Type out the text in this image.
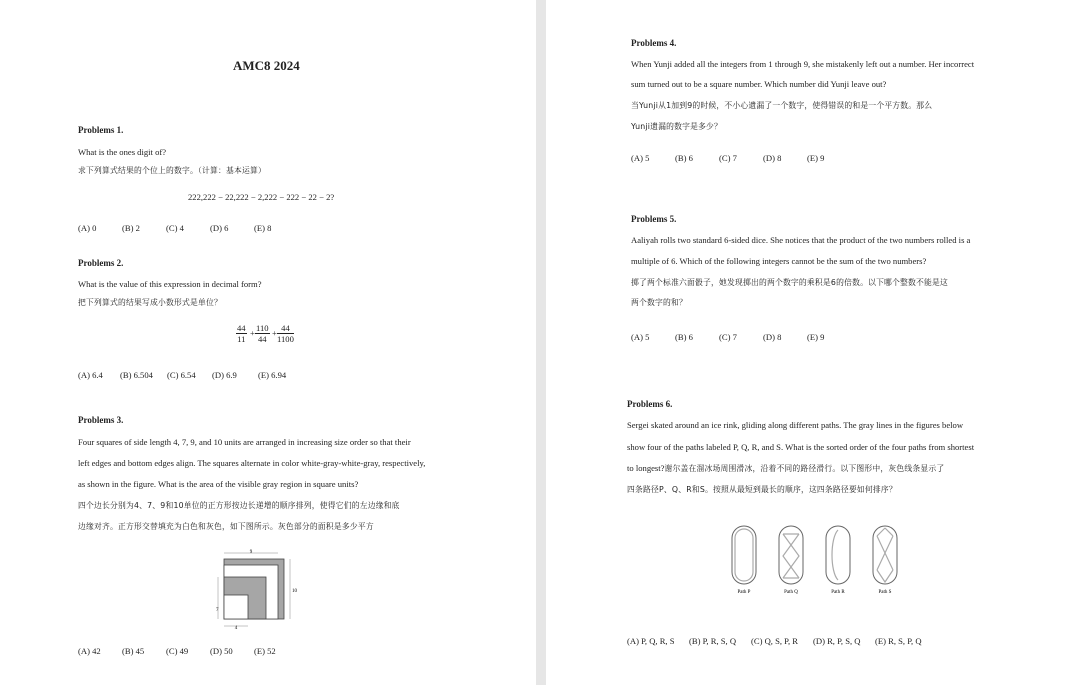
AMC8 2024
Problems 1.
What is the ones digit of?
求下列算式结果的个位上的数字。（计算：基本运算）
222,222 − 22,222 − 2,222 − 222 − 22 − 2?
(A) 0	(B) 2	(C) 4	(D) 6	(E) 8
Problems 2.
What is the value of this expression in decimal form?
把下列算式的结果写成小数形式是单位？
$\frac{44}{11} + \frac{110}{44} + \frac{44}{1100}$
(A) 6.4 (B) 6.504 (C) 6.54 (D) 6.9 (E) 6.94
Problems 3.
Four squares of side length 4, 7, 9, and 10 units are arranged in increasing size order so that their
left edges and bottom edges align. The squares alternate in color white-gray-white-gray, respectively,
as shown in the figure. What is the area of the visible gray region in square units?
四个边长分别为4、7、9和10单位的正方形按边长递增的顺序排列，使得它们的左边缘和底
边缘对齐。正方形交替填充为白色和灰色，如下图所示。灰色部分的面积是多少平方
9
10
7
4
(A) 42 (B) 45	(C) 49	(D) 50 (E) 52
Problems 4.
When Yunji added all the integers from 1 through 9, she mistakenly left out a number. Her incorrect
sum turned out to be a square number. Which number did Yunji leave out?
当Yunji从1加到9的时候，不小心遗漏了一个数字，使得错误的和是一个平方数。那么
Yunji遗漏的数字是多少？
(A) 5	(B) 6	(C) 7	(D) 8	(E) 9
Problems 5.
Aaliyah rolls two standard 6-sided dice. She notices that the product of the two numbers rolled is a
multiple of 6. Which of the following integers cannot be the sum of the two numbers?
掷了两个标准六面骰子，她发现掷出的两个数字的乘积是6的倍数。以下哪个整数不能是这
两个数字的和？
(A) 5	(B) 6	(C) 7	(D) 8	(E) 9
Problems 6.
Sergei skated around an ice rink, gliding along different paths. The gray lines in the figures below
show four of the paths labeled P, Q, R, and S. What is the sorted order of the four paths from shortest
to longest?谢尔盖在溜冰场周围滑冰，沿着不同的路径滑行。以下图形中，灰色线条显示了
四条路径P、Q、R和S。按照从最短到最长的顺序，这四条路径要如何排序？
Path P	Path Q	Path R	Path S
(A) P, Q, R, S (B) P, R, S, Q (C) Q, S, P, R (D) R, P, S, Q (E) R, S, P, Q
